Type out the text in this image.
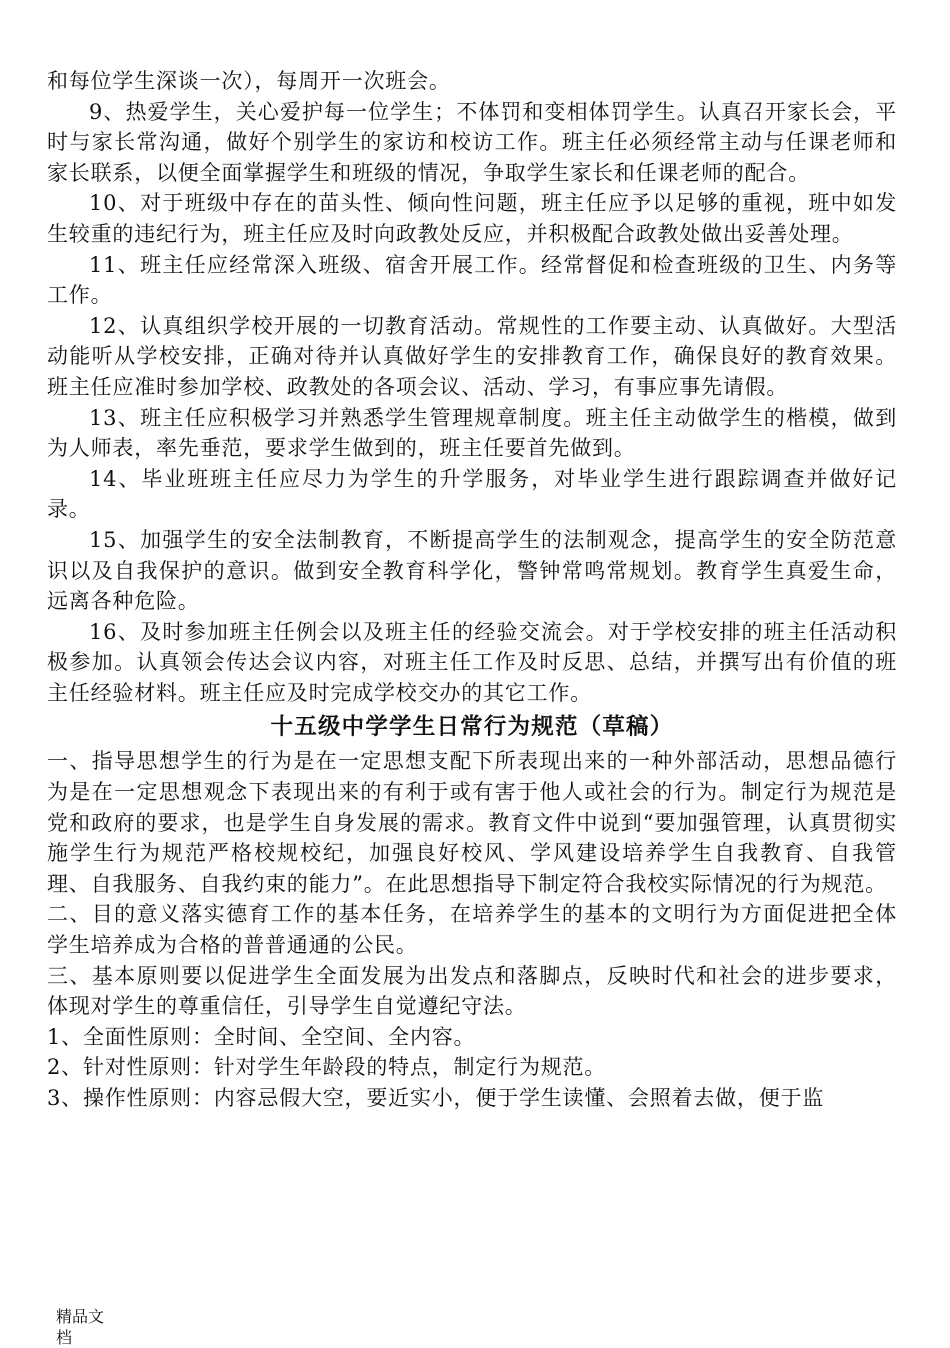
和每位学生深谈一次），每周开一次班会。

9、热爱学生，关心爱护每一位学生；不体罚和变相体罚学生。认真召开家长会，平时与家长常沟通，做好个别学生的家访和校访工作。班主任必须经常主动与任课老师和家长联系，以便全面掌握学生和班级的情况，争取学生家长和任课老师的配合。

10、对于班级中存在的苗头性、倾向性问题，班主任应予以足够的重视，班中如发生较重的违纪行为，班主任应及时向政教处反应，并积极配合政教处做出妥善处理。

11、班主任应经常深入班级、宿舍开展工作。经常督促和检查班级的卫生、内务等工作。

12、认真组织学校开展的一切教育活动。常规性的工作要主动、认真做好。大型活动能听从学校安排，正确对待并认真做好学生的安排教育工作，确保良好的教育效果。班主任应准时参加学校、政教处的各项会议、活动、学习，有事应事先请假。

13、班主任应积极学习并熟悉学生管理规章制度。班主任主动做学生的楷模，做到为人师表，率先垂范，要求学生做到的，班主任要首先做到。

14、毕业班班主任应尽力为学生的升学服务，对毕业学生进行跟踪调查并做好记录。

15、加强学生的安全法制教育，不断提高学生的法制观念，提高学生的安全防范意识以及自我保护的意识。做到安全教育科学化，警钟常鸣常规划。教育学生真爱生命，远离各种危险。

16、及时参加班主任例会以及班主任的经验交流会。对于学校安排的班主任活动积极参加。认真领会传达会议内容，对班主任工作及时反思、总结，并撰写出有价值的班主任经验材料。班主任应及时完成学校交办的其它工作。

十五级中学学生日常行为规范（草稿）

一、指导思想学生的行为是在一定思想支配下所表现出来的一种外部活动，思想品德行为是在一定思想观念下表现出来的有利于或有害于他人或社会的行为。制定行为规范是党和政府的要求，也是学生自身发展的需求。教育文件中说到“要加强管理，认真贯彻实施学生行为规范严格校规校纪，加强良好校风、学风建设培养学生自我教育、自我管理、自我服务、自我约束的能力”。在此思想指导下制定符合我校实际情况的行为规范。

二、目的意义落实德育工作的基本任务，在培养学生的基本的文明行为方面促进把全体学生培养成为合格的普普通通的公民。

三、基本原则要以促进学生全面发展为出发点和落脚点，反映时代和社会的进步要求，体现对学生的尊重信任，引导学生自觉遵纪守法。

1、全面性原则：全时间、全空间、全内容。

2、针对性原则：针对学生年龄段的特点，制定行为规范。

3、操作性原则：内容忌假大空，要近实小，便于学生读懂、会照着去做，便于监

精品文档
